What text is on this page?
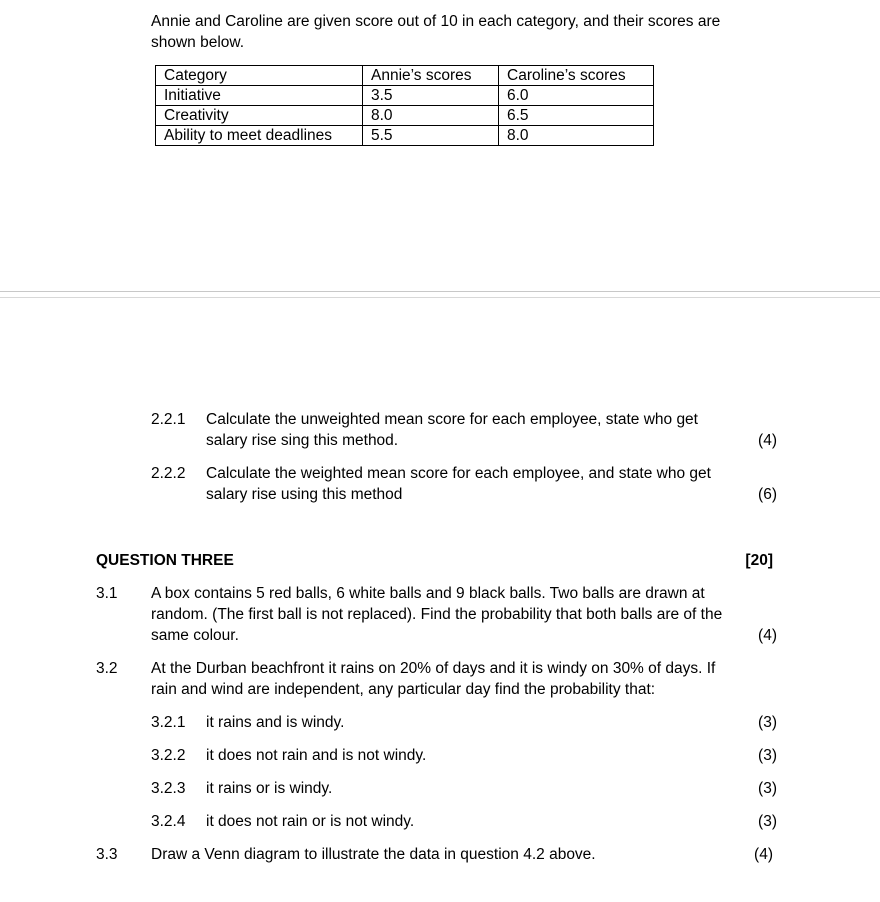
Annie and Caroline are given score out of 10 in each category, and their scores are
shown below.
Category	Annie’s scores	Caroline’s scores
Initiative	3.5	6.0
Creativity	8.0	6.5
Ability to meet deadlines	5.5	8.0
2.2.1 Calculate the unweighted mean score for each employee, state who get
salary rise sing this method.	(4)
2.2.2 Calculate the weighted mean score for each employee, and state who get
salary rise using this method	(6)
QUESTION THREE	[20]
3.1 A box contains 5 red balls, 6 white balls and 9 black balls. Two balls are drawn at
random. (The first ball is not replaced). Find the probability that both balls are of the
same colour.	(4)
3.2 At the Durban beachfront it rains on 20% of days and it is windy on 30% of days. If
rain and wind are independent, any particular day find the probability that:
3.2.1 it rains and is windy.	(3)
3.2.2 it does not rain and is not windy.	(3)
3.2.3 it rains or is windy.	(3)
3.2.4 it does not rain or is not windy.	(3)
3.3 Draw a Venn diagram to illustrate the data in question 4.2 above.	(4)
